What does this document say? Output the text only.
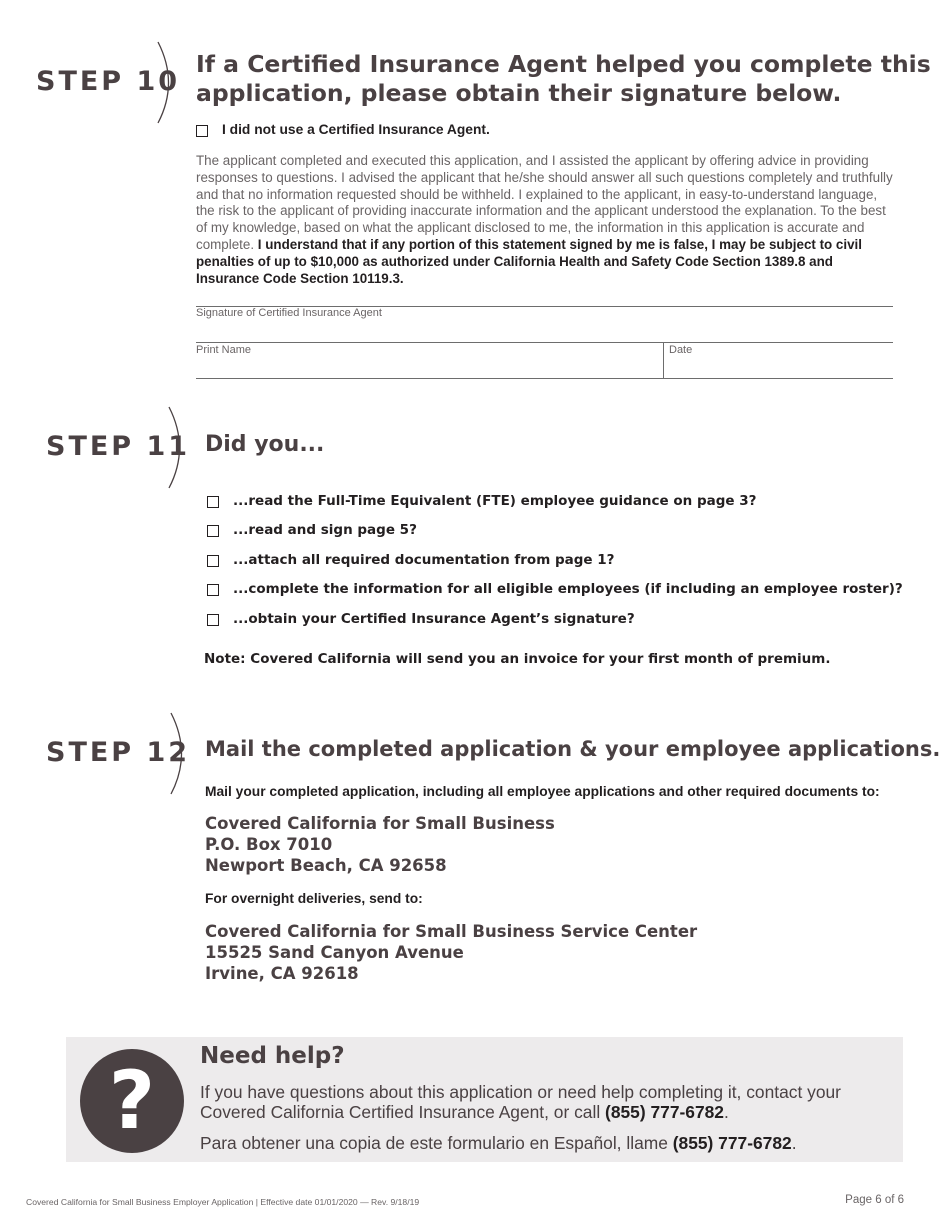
STEP 10
If a Certified Insurance Agent helped you complete this
application, please obtain their signature below.
I did not use a Certified Insurance Agent.
The applicant completed and executed this application, and I assisted the applicant by offering advice in providing responses to questions. I advised the applicant that he/she should answer all such questions completely and truthfully and that no information requested should be withheld. I explained to the applicant, in easy-to-understand language, the risk to the applicant of providing inaccurate information and the applicant understood the explanation. To the best of my knowledge, based on what the applicant disclosed to me, the information in this application is accurate and complete. I understand that if any portion of this statement signed by me is false, I may be subject to civil penalties of up to $10,000 as authorized under California Health and Safety Code Section 1389.8 and Insurance Code Section 10119.3.
Signature of Certified Insurance Agent
Print Name	Date
STEP 11 Did you...
...read the Full-Time Equivalent (FTE) employee guidance on page 3?
...read and sign page 5?
...attach all required documentation from page 1?
...complete the information for all eligible employees (if including an employee roster)?
...obtain your Certified Insurance Agent’s signature?
Note: Covered California will send you an invoice for your first month of premium.
STEP 12 Mail the completed application & your employee applications.
Mail your completed application, including all employee applications and other required documents to:
Covered California for Small Business
P.O. Box 7010
Newport Beach, CA 92658
For overnight deliveries, send to:
Covered California for Small Business Service Center
15525 Sand Canyon Avenue
Irvine, CA 92618
?	Need help?
If you have questions about this application or need help completing it, contact your Covered California Certified Insurance Agent, or call (855) 777-6782.
Para obtener una copia de este formulario en Español, llame (855) 777-6782.
Covered California for Small Business Employer Application | Effective date 01/01/2020 — Rev. 9/18/19	Page 6 of 6
